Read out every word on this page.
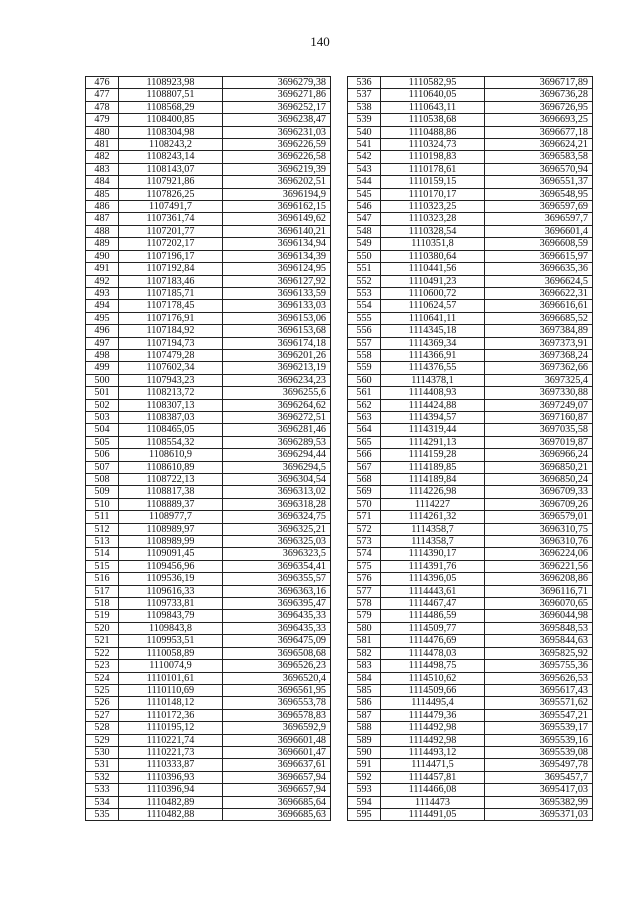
140
476	1108923,98	3696279,38
477	1108807,51	3696271,86
478	1108568,29	3696252,17
479	1108400,85	3696238,47
480	1108304,98	3696231,03
481	1108243,2	3696226,59
482	1108243,14	3696226,58
483	1108143,07	3696219,39
484	1107921,86	3696202,51
485	1107826,25	3696194,9
486	1107491,7	3696162,15
487	1107361,74	3696149,62
488	1107201,77	3696140,21
489	1107202,17	3696134,94
490	1107196,17	3696134,39
491	1107192,84	3696124,95
492	1107183,46	3696127,92
493	1107185,71	3696133,59
494	1107178,45	3696133,03
495	1107176,91	3696153,06
496	1107184,92	3696153,68
497	1107194,73	3696174,18
498	1107479,28	3696201,26
499	1107602,34	3696213,19
500	1107943,23	3696234,23
501	1108213,72	3696255,6
502	1108307,13	3696264,62
503	1108387,03	3696272,51
504	1108465,05	3696281,46
505	1108554,32	3696289,53
506	1108610,9	3696294,44
507	1108610,89	3696294,5
508	1108722,13	3696304,54
509	1108817,38	3696313,02
510	1108889,37	3696318,28
511	1108977,7	3696324,75
512	1108989,97	3696325,21
513	1108989,99	3696325,03
514	1109091,45	3696323,5
515	1109456,96	3696354,41
516	1109536,19	3696355,57
517	1109616,33	3696363,16
518	1109733,81	3696395,47
519	1109843,79	3696435,33
520	1109843,8	3696435,33
521	1109953,51	3696475,09
522	1110058,89	3696508,68
523	1110074,9	3696526,23
524	1110101,61	3696520,4
525	1110110,69	3696561,95
526	1110148,12	3696553,78
527	1110172,36	3696578,83
528	1110195,12	3696592,9
529	1110221,74	3696601,48
530	1110221,73	3696601,47
531	1110333,87	3696637,61
532	1110396,93	3696657,94
533	1110396,94	3696657,94
534	1110482,89	3696685,64
535	1110482,88	3696685,63
536	1110582,95	3696717,89
537	1110640,05	3696736,28
538	1110643,11	3696726,95
539	1110538,68	3696693,25
540	1110488,86	3696677,18
541	1110324,73	3696624,21
542	1110198,83	3696583,58
543	1110178,61	3696570,94
544	1110159,15	3696551,37
545	1110170,17	3696548,95
546	1110323,25	3696597,69
547	1110323,28	3696597,7
548	1110328,54	3696601,4
549	1110351,8	3696608,59
550	1110380,64	3696615,97
551	1110441,56	3696635,36
552	1110491,23	3696624,5
553	1110600,72	3696622,31
554	1110624,57	3696616,61
555	1110641,11	3696685,52
556	1114345,18	3697384,89
557	1114369,34	3697373,91
558	1114366,91	3697368,24
559	1114376,55	3697362,66
560	1114378,1	3697325,4
561	1114408,93	3697330,88
562	1114424,88	3697249,07
563	1114394,57	3697160,87
564	1114319,44	3697035,58
565	1114291,13	3697019,87
566	1114159,28	3696966,24
567	1114189,85	3696850,21
568	1114189,84	3696850,24
569	1114226,98	3696709,33
570	1114227	3696709,26
571	1114261,32	3696579,01
572	1114358,7	3696310,75
573	1114358,7	3696310,76
574	1114390,17	3696224,06
575	1114391,76	3696221,56
576	1114396,05	3696208,86
577	1114443,61	3696116,71
578	1114467,47	3696070,65
579	1114486,59	3696044,98
580	1114509,77	3695848,53
581	1114476,69	3695844,63
582	1114478,03	3695825,92
583	1114498,75	3695755,36
584	1114510,62	3695626,53
585	1114509,66	3695617,43
586	1114495,4	3695571,62
587	1114479,36	3695547,21
588	1114492,98	3695539,17
589	1114492,98	3695539,16
590	1114493,12	3695539,08
591	1114471,5	3695497,78
592	1114457,81	3695457,7
593	1114466,08	3695417,03
594	1114473	3695382,99
595	1114491,05	3695371,03
